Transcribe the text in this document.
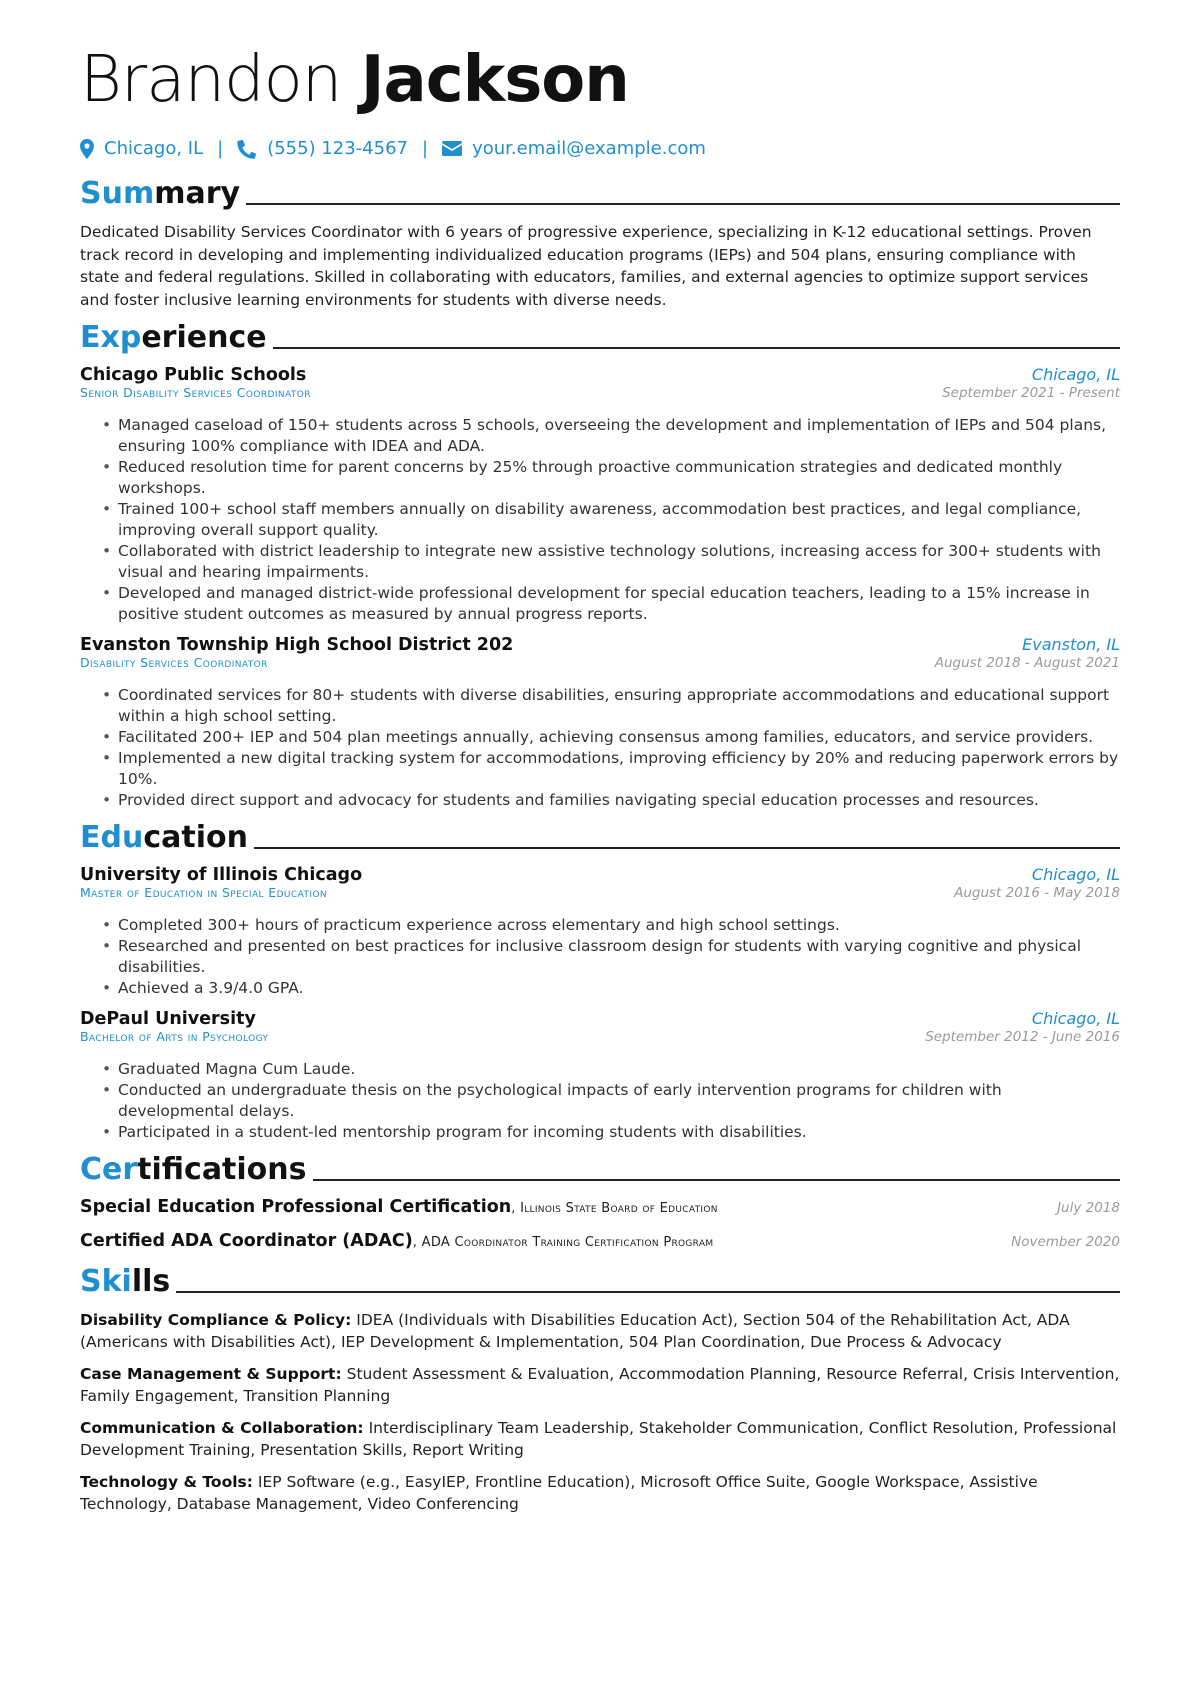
Brandon Jackson
Chicago, IL | (555) 123-4567 | your.email@example.com
Summary

Dedicated Disability Services Coordinator with 6 years of progressive experience, specializing in K-12 educational settings. Proven track record in developing and implementing individualized education programs (IEPs) and 504 plans, ensuring compliance with state and federal regulations. Skilled in collaborating with educators, families, and external agencies to optimize support services and foster inclusive learning environments for students with diverse needs.

Experience
Chicago Public Schools	Chicago, IL
Senior Disability Services Coordinator	September 2021 - Present
• Managed caseload of 150+ students across 5 schools, overseeing the development and implementation of IEPs and 504 plans, ensuring 100% compliance with IDEA and ADA.
• Reduced resolution time for parent concerns by 25% through proactive communication strategies and dedicated monthly workshops.
• Trained 100+ school staff members annually on disability awareness, accommodation best practices, and legal compliance, improving overall support quality.
• Collaborated with district leadership to integrate new assistive technology solutions, increasing access for 300+ students with visual and hearing impairments.
• Developed and managed district-wide professional development for special education teachers, leading to a 15% increase in positive student outcomes as measured by annual progress reports.
Evanston Township High School District 202	Evanston, IL
Disability Services Coordinator	August 2018 - August 2021
• Coordinated services for 80+ students with diverse disabilities, ensuring appropriate accommodations and educational support within a high school setting.
• Facilitated 200+ IEP and 504 plan meetings annually, achieving consensus among families, educators, and service providers.
• Implemented a new digital tracking system for accommodations, improving efficiency by 20% and reducing paperwork errors by 10%.
• Provided direct support and advocacy for students and families navigating special education processes and resources.
Education
University of Illinois Chicago	Chicago, IL
Master of Education in Special Education	August 2016 - May 2018
• Completed 300+ hours of practicum experience across elementary and high school settings.
• Researched and presented on best practices for inclusive classroom design for students with varying cognitive and physical disabilities.
• Achieved a 3.9/4.0 GPA.
DePaul University	Chicago, IL
Bachelor of Arts in Psychology	September 2012 - June 2016
• Graduated Magna Cum Laude.
• Conducted an undergraduate thesis on the psychological impacts of early intervention programs for children with developmental delays.
• Participated in a student-led mentorship program for incoming students with disabilities.
Certifications
Special Education Professional Certification, Illinois State Board of Education	July 2018
Certified ADA Coordinator (ADAC), ADA Coordinator Training Certification Program	November 2020
Skills

Disability Compliance & Policy: IDEA (Individuals with Disabilities Education Act), Section 504 of the Rehabilitation Act, ADA (Americans with Disabilities Act), IEP Development & Implementation, 504 Plan Coordination, Due Process & Advocacy

Case Management & Support: Student Assessment & Evaluation, Accommodation Planning, Resource Referral, Crisis Intervention, Family Engagement, Transition Planning

Communication & Collaboration: Interdisciplinary Team Leadership, Stakeholder Communication, Conflict Resolution, Professional Development Training, Presentation Skills, Report Writing

Technology & Tools: IEP Software (e.g., EasyIEP, Frontline Education), Microsoft Office Suite, Google Workspace, Assistive Technology, Database Management, Video Conferencing
